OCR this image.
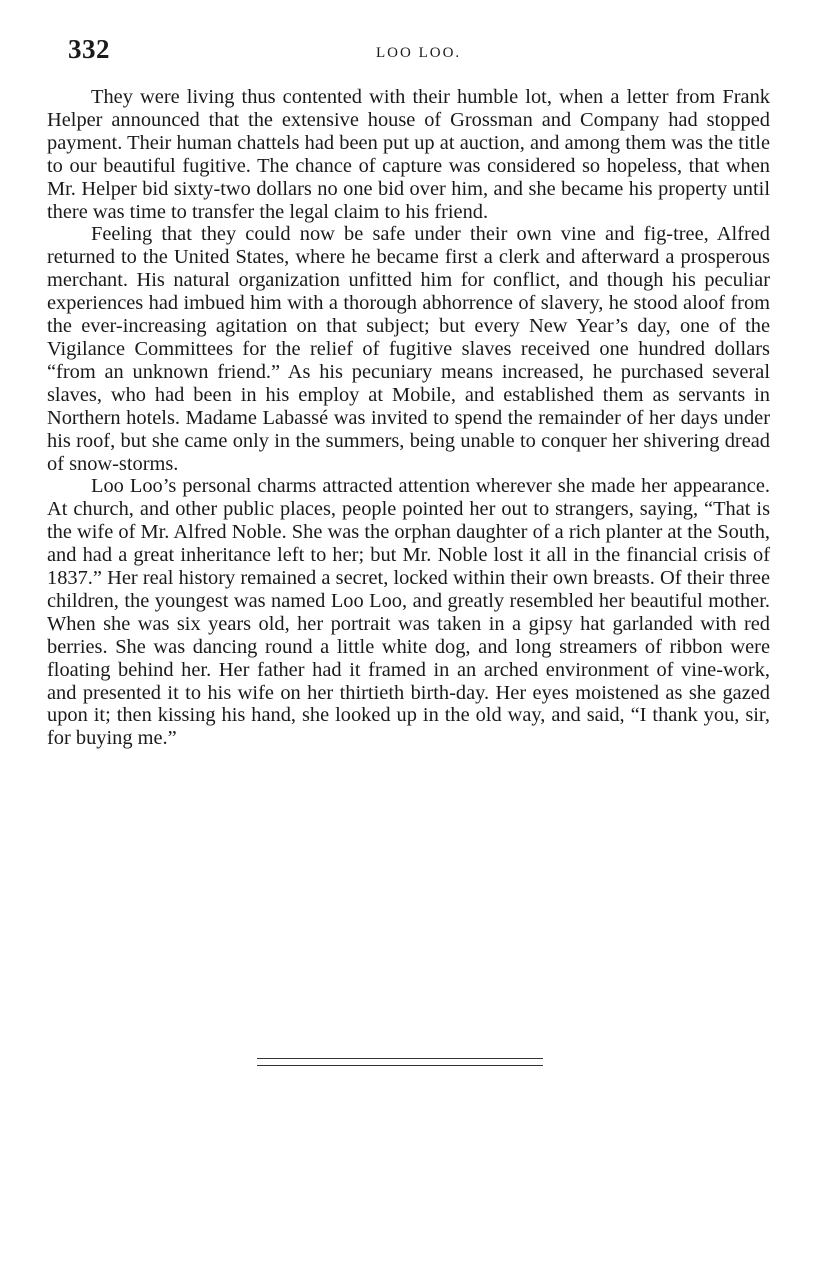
332	LOO LOO.

They were living thus contented with their humble lot, when a letter from Frank Helper announced that the extensive house of Grossman and Company had stopped payment. Their human chattels had been put up at auction, and among them was the title to our beautiful fugitive. The chance of capture was considered so hopeless, that when Mr. Helper bid sixty-two dollars no one bid over him, and she became his property until there was time to transfer the legal claim to his friend.

Feeling that they could now be safe under their own vine and fig-tree, Alfred returned to the United States, where he became first a clerk and afterward a prosperous merchant. His natural organization unfitted him for conflict, and though his peculiar experiences had imbued him with a thorough abhorrence of slavery, he stood aloof from the ever-increasing agitation on that subject; but every New Year’s day, one of the Vigilance Committees for the relief of fugitive slaves received one hundred dollars “from an unknown friend.” As his pecuniary means increased, he purchased several slaves, who had been in his employ at Mobile, and established them as servants in Northern hotels. Madame Labassé was invited to spend the remainder of her days under his roof, but she came only in the summers, being unable to conquer her shivering dread of snow-storms.

Loo Loo’s personal charms attracted attention wherever she made her appearance. At church, and other public places, people pointed her out to strangers, saying, “That is the wife of Mr. Alfred Noble. She was the orphan daughter of a rich planter at the South, and had a great inheritance left to her; but Mr. Noble lost it all in the financial crisis of 1837.” Her real history remained a secret, locked within their own breasts. Of their three children, the youngest was named Loo Loo, and greatly resembled her beautiful mother. When she was six years old, her portrait was taken in a gipsy hat garlanded with red berries. She was dancing round a little white dog, and long streamers of ribbon were floating behind her. Her father had it framed in an arched environment of vine-work, and presented it to his wife on her thirtieth birth-day. Her eyes moistened as she gazed upon it; then kissing his hand, she looked up in the old way, and said, “I thank you, sir, for buying me.”
